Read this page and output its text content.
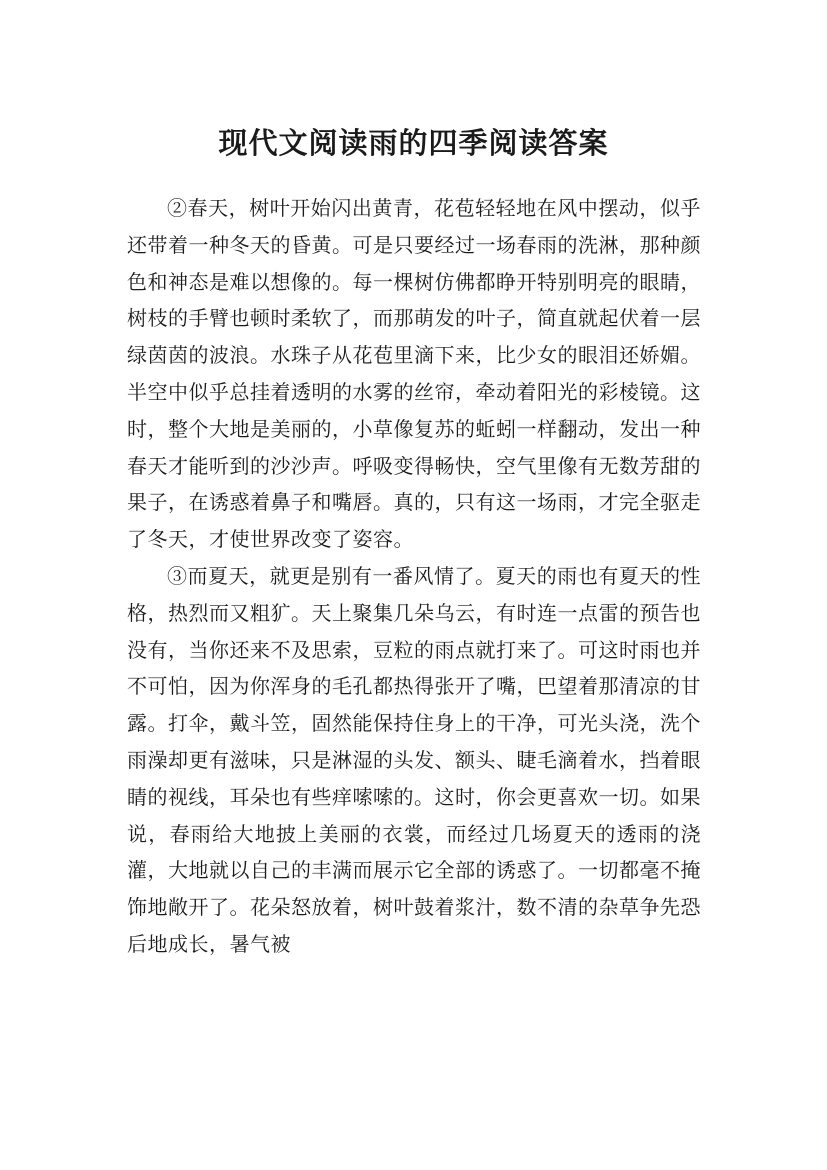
现代文阅读雨的四季阅读答案

②春天，树叶开始闪出黄青，花苞轻轻地在风中摆动，似乎还带着一种冬天的昏黄。可是只要经过一场春雨的洗淋，那种颜色和神态是难以想像的。每一棵树仿佛都睁开特别明亮的眼睛，树枝的手臂也顿时柔软了，而那萌发的叶子，简直就起伏着一层绿茵茵的波浪。水珠子从花苞里滴下来，比少女的眼泪还娇媚。半空中似乎总挂着透明的水雾的丝帘，牵动着阳光的彩棱镜。这时，整个大地是美丽的，小草像复苏的蚯蚓一样翻动，发出一种春天才能听到的沙沙声。呼吸变得畅快，空气里像有无数芳甜的果子，在诱惑着鼻子和嘴唇。真的，只有这一场雨，才完全驱走了冬天，才使世界改变了姿容。

③而夏天，就更是别有一番风情了。夏天的雨也有夏天的性格，热烈而又粗犷。天上聚集几朵乌云，有时连一点雷的预告也没有，当你还来不及思索，豆粒的雨点就打来了。可这时雨也并不可怕，因为你浑身的毛孔都热得张开了嘴，巴望着那清凉的甘露。打伞，戴斗笠，固然能保持住身上的干净，可光头浇，洗个雨澡却更有滋味，只是淋湿的头发、额头、睫毛滴着水，挡着眼睛的视线，耳朵也有些痒嗦嗦的。这时，你会更喜欢一切。如果说，春雨给大地披上美丽的衣裳，而经过几场夏天的透雨的浇灌，大地就以自己的丰满而展示它全部的诱惑了。一切都毫不掩饰地敞开了。花朵怒放着，树叶鼓着浆汁，数不清的杂草争先恐后地成长，暑气被
